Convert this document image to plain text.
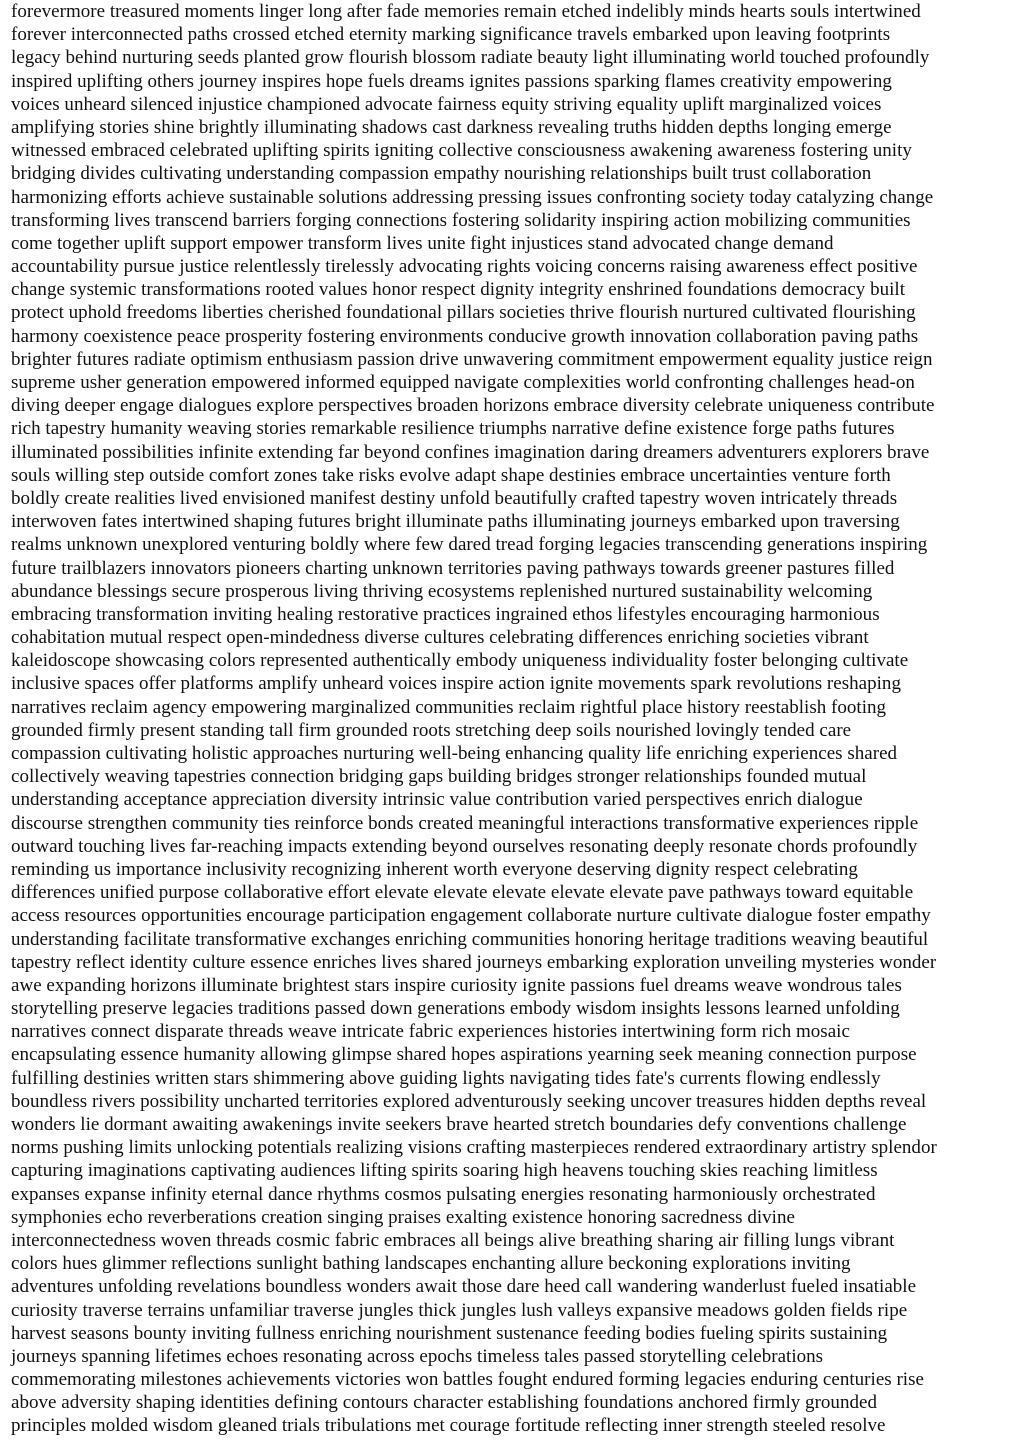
forevermore treasured moments linger long after fade memories remain etched indelibly minds hearts souls intertwined
forever interconnected paths crossed etched eternity marking significance travels embarked upon leaving footprints
legacy behind nurturing seeds planted grow flourish blossom radiate beauty light illuminating world touched profoundly
inspired uplifting others journey inspires hope fuels dreams ignites passions sparking flames creativity empowering
voices unheard silenced injustice championed advocate fairness equity striving equality uplift marginalized voices
amplifying stories shine brightly illuminating shadows cast darkness revealing truths hidden depths longing emerge
witnessed embraced celebrated uplifting spirits igniting collective consciousness awakening awareness fostering unity
bridging divides cultivating understanding compassion empathy nourishing relationships built trust collaboration
harmonizing efforts achieve sustainable solutions addressing pressing issues confronting society today catalyzing change
transforming lives transcend barriers forging connections fostering solidarity inspiring action mobilizing communities
come together uplift support empower transform lives unite fight injustices stand advocated change demand
accountability pursue justice relentlessly tirelessly advocating rights voicing concerns raising awareness effect positive
change systemic transformations rooted values honor respect dignity integrity enshrined foundations democracy built
protect uphold freedoms liberties cherished foundational pillars societies thrive flourish nurtured cultivated flourishing
harmony coexistence peace prosperity fostering environments conducive growth innovation collaboration paving paths
brighter futures radiate optimism enthusiasm passion drive unwavering commitment empowerment equality justice reign
supreme usher generation empowered informed equipped navigate complexities world confronting challenges head-on
diving deeper engage dialogues explore perspectives broaden horizons embrace diversity celebrate uniqueness contribute
rich tapestry humanity weaving stories remarkable resilience triumphs narrative define existence forge paths futures
illuminated possibilities infinite extending far beyond confines imagination daring dreamers adventurers explorers brave
souls willing step outside comfort zones take risks evolve adapt shape destinies embrace uncertainties venture forth
boldly create realities lived envisioned manifest destiny unfold beautifully crafted tapestry woven intricately threads
interwoven fates intertwined shaping futures bright illuminate paths illuminating journeys embarked upon traversing
realms unknown unexplored venturing boldly where few dared tread forging legacies transcending generations inspiring
future trailblazers innovators pioneers charting unknown territories paving pathways towards greener pastures filled
abundance blessings secure prosperous living thriving ecosystems replenished nurtured sustainability welcoming
embracing transformation inviting healing restorative practices ingrained ethos lifestyles encouraging harmonious
cohabitation mutual respect open-mindedness diverse cultures celebrating differences enriching societies vibrant
kaleidoscope showcasing colors represented authentically embody uniqueness individuality foster belonging cultivate
inclusive spaces offer platforms amplify unheard voices inspire action ignite movements spark revolutions reshaping
narratives reclaim agency empowering marginalized communities reclaim rightful place history reestablish footing
grounded firmly present standing tall firm grounded roots stretching deep soils nourished lovingly tended care
compassion cultivating holistic approaches nurturing well-being enhancing quality life enriching experiences shared
collectively weaving tapestries connection bridging gaps building bridges stronger relationships founded mutual
understanding acceptance appreciation diversity intrinsic value contribution varied perspectives enrich dialogue
discourse strengthen community ties reinforce bonds created meaningful interactions transformative experiences ripple
outward touching lives far-reaching impacts extending beyond ourselves resonating deeply resonate chords profoundly
reminding us importance inclusivity recognizing inherent worth everyone deserving dignity respect celebrating
differences unified purpose collaborative effort elevate elevate elevate elevate elevate pave pathways toward equitable
access resources opportunities encourage participation engagement collaborate nurture cultivate dialogue foster empathy
understanding facilitate transformative exchanges enriching communities honoring heritage traditions weaving beautiful
tapestry reflect identity culture essence enriches lives shared journeys embarking exploration unveiling mysteries wonder
awe expanding horizons illuminate brightest stars inspire curiosity ignite passions fuel dreams weave wondrous tales
storytelling preserve legacies traditions passed down generations embody wisdom insights lessons learned unfolding
narratives connect disparate threads weave intricate fabric experiences histories intertwining form rich mosaic
encapsulating essence humanity allowing glimpse shared hopes aspirations yearning seek meaning connection purpose
fulfilling destinies written stars shimmering above guiding lights navigating tides fate's currents flowing endlessly
boundless rivers possibility uncharted territories explored adventurously seeking uncover treasures hidden depths reveal
wonders lie dormant awaiting awakenings invite seekers brave hearted stretch boundaries defy conventions challenge
norms pushing limits unlocking potentials realizing visions crafting masterpieces rendered extraordinary artistry splendor
capturing imaginations captivating audiences lifting spirits soaring high heavens touching skies reaching limitless
expanses expanse infinity eternal dance rhythms cosmos pulsating energies resonating harmoniously orchestrated
symphonies echo reverberations creation singing praises exalting existence honoring sacredness divine
interconnectedness woven threads cosmic fabric embraces all beings alive breathing sharing air filling lungs vibrant
colors hues glimmer reflections sunlight bathing landscapes enchanting allure beckoning explorations inviting
adventures unfolding revelations boundless wonders await those dare heed call wandering wanderlust fueled insatiable
curiosity traverse terrains unfamiliar traverse jungles thick jungles lush valleys expansive meadows golden fields ripe
harvest seasons bounty inviting fullness enriching nourishment sustenance feeding bodies fueling spirits sustaining
journeys spanning lifetimes echoes resonating across epochs timeless tales passed storytelling celebrations
commemorating milestones achievements victories won battles fought endured forming legacies enduring centuries rise
above adversity shaping identities defining contours character establishing foundations anchored firmly grounded
principles molded wisdom gleaned trials tribulations met courage fortitude reflecting inner strength steeled resolve
